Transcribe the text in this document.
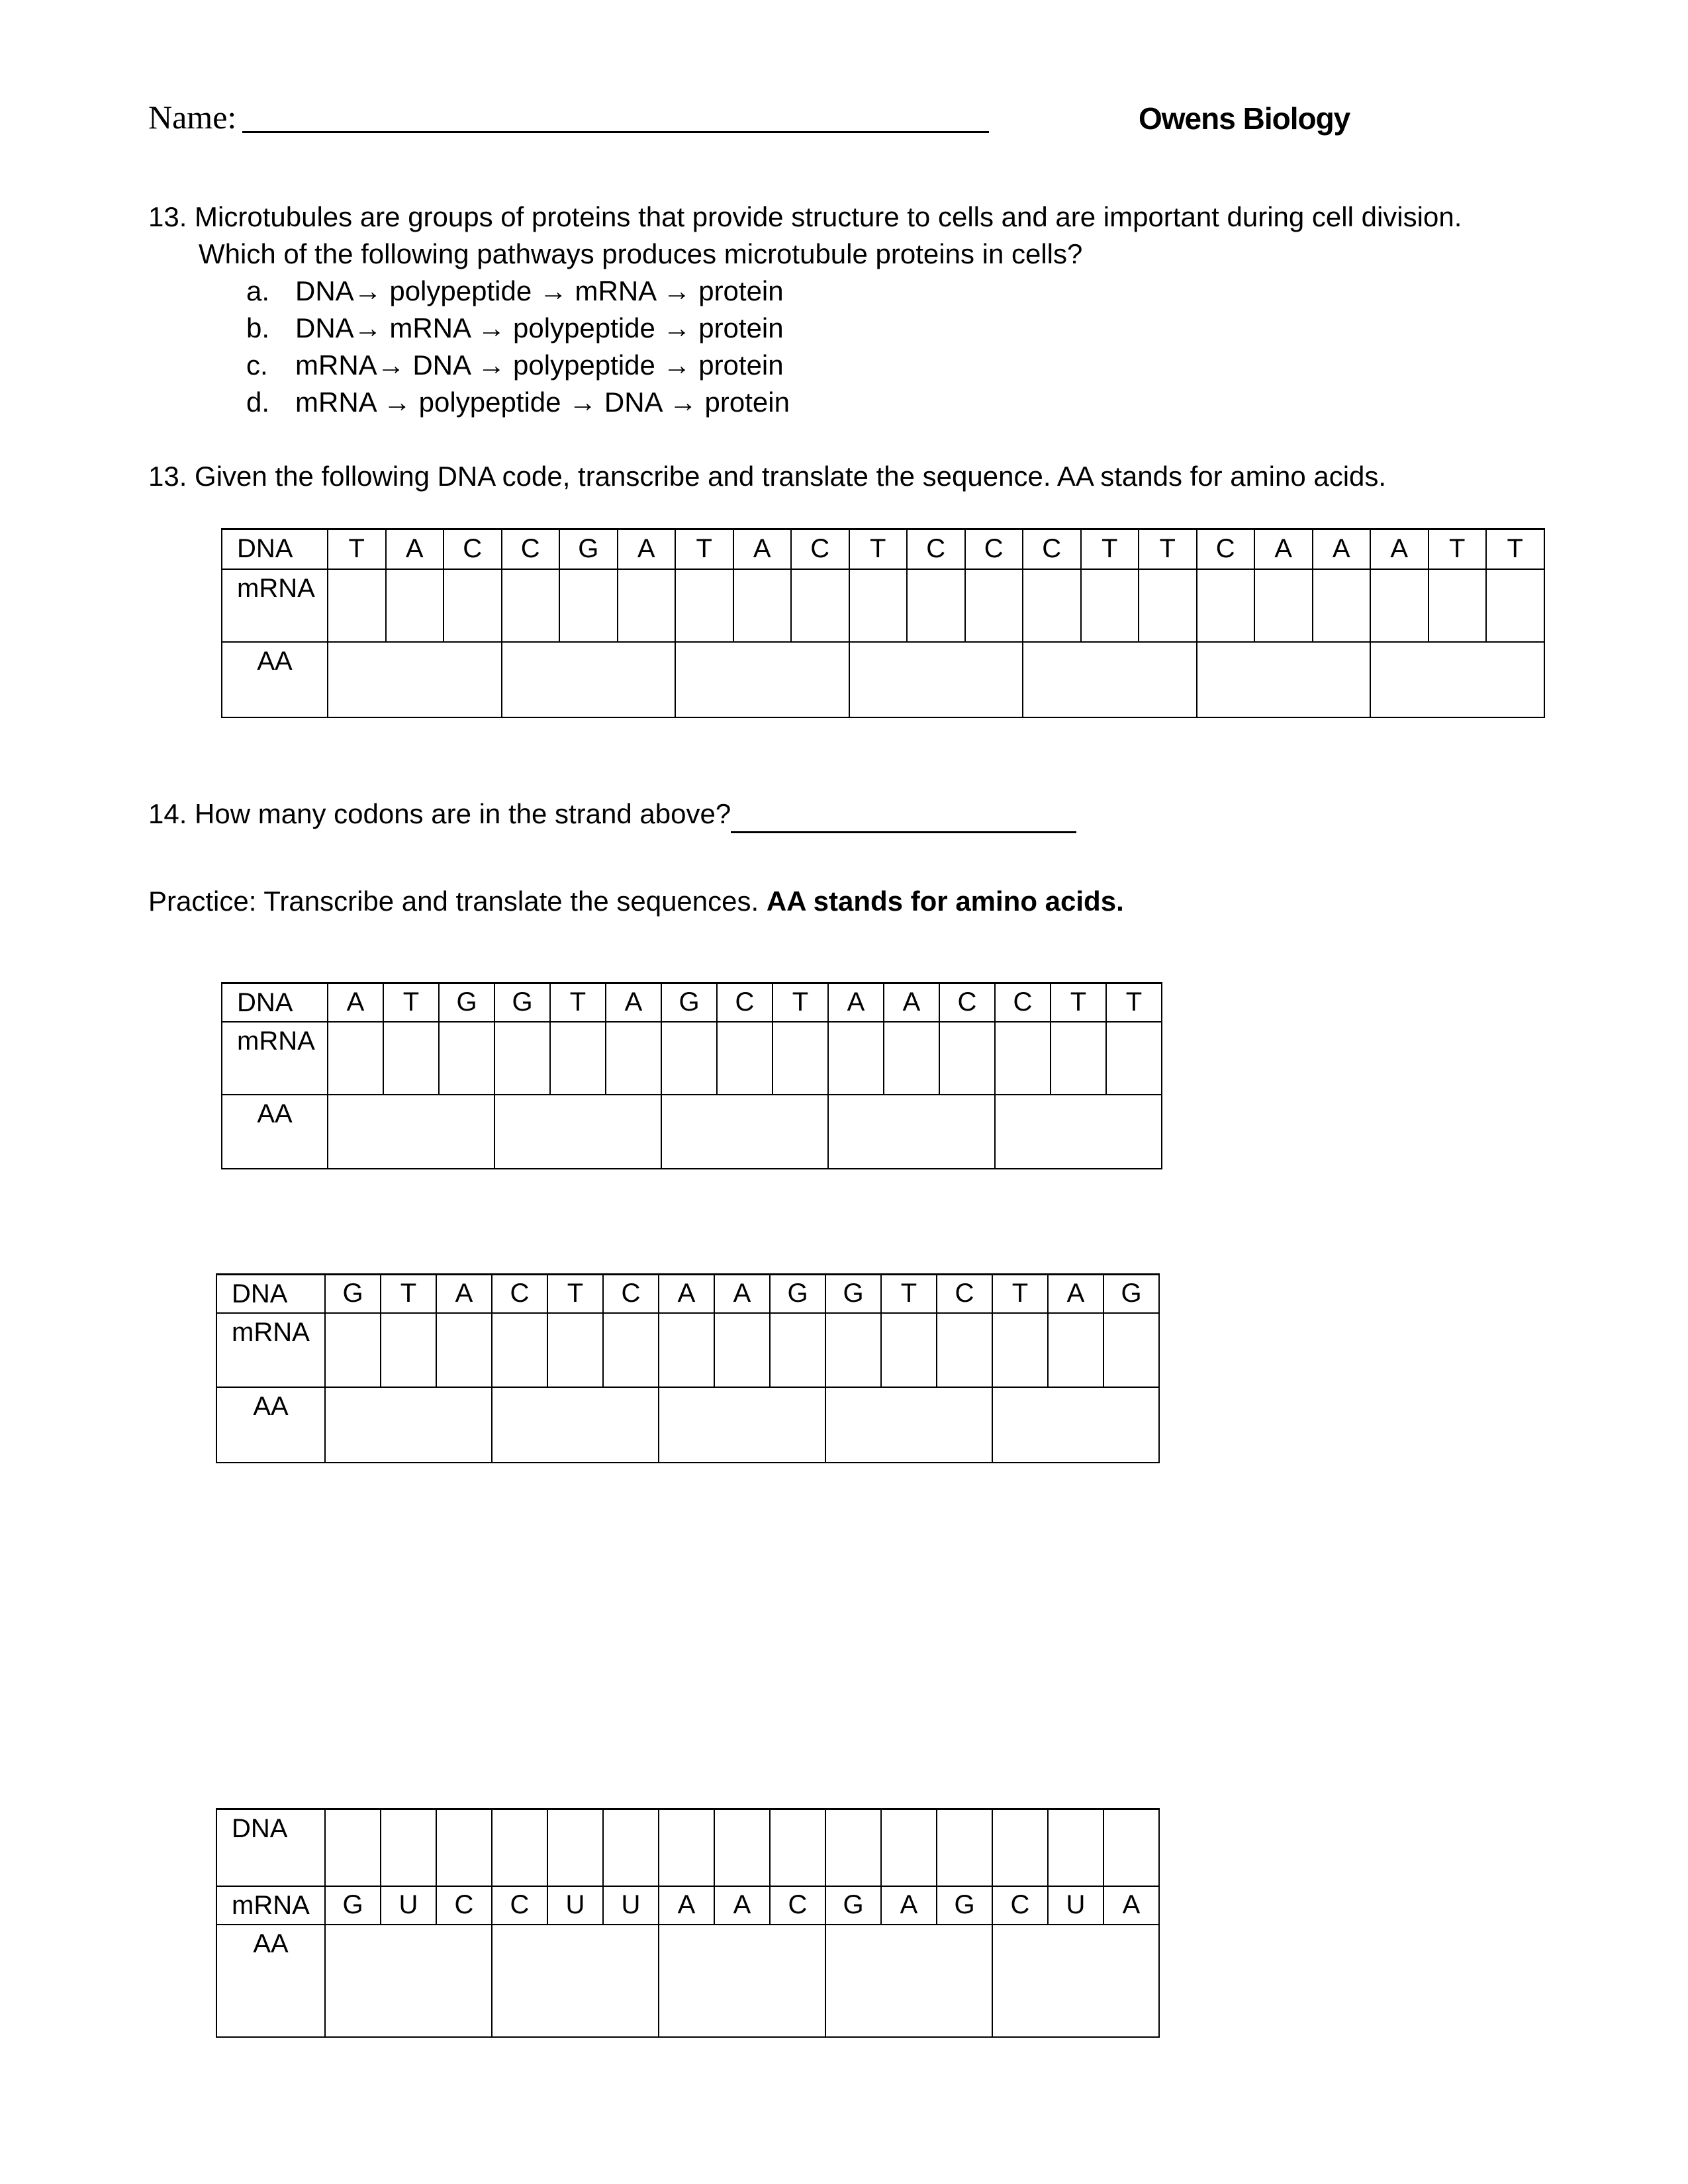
Name:	Owens Biology
13. Microtubules are groups of proteins that provide structure to cells and are important during cell division.
Which of the following pathways produces microtubule proteins in cells?
a. DNA→ polypeptide → mRNA → protein
b. DNA→ mRNA → polypeptide → protein
c. mRNA→ DNA → polypeptide → protein
d. mRNA → polypeptide → DNA → protein
13. Given the following DNA code, transcribe and translate the sequence. AA stands for amino acids.
DNA	T	A	C	C	G	A	T	A	C	T	C	C	C	T	T	C	A	A	A	T	T
mRNA																					
AA																					
DNA	A	T	G	G	T	A	G	C	T	A	A	C	C	T	T
mRNA															
AA															
DNA	G	T	A	C	T	C	A	A	G	G	T	C	T	A	G
mRNA															
AA															
DNA															
mRNA	G	U	C	C	U	U	A	A	C	G	A	G	C	U	A
AA															
14. How many codons are in the strand above?
Practice: Transcribe and translate the sequences. AA stands for amino acids.
